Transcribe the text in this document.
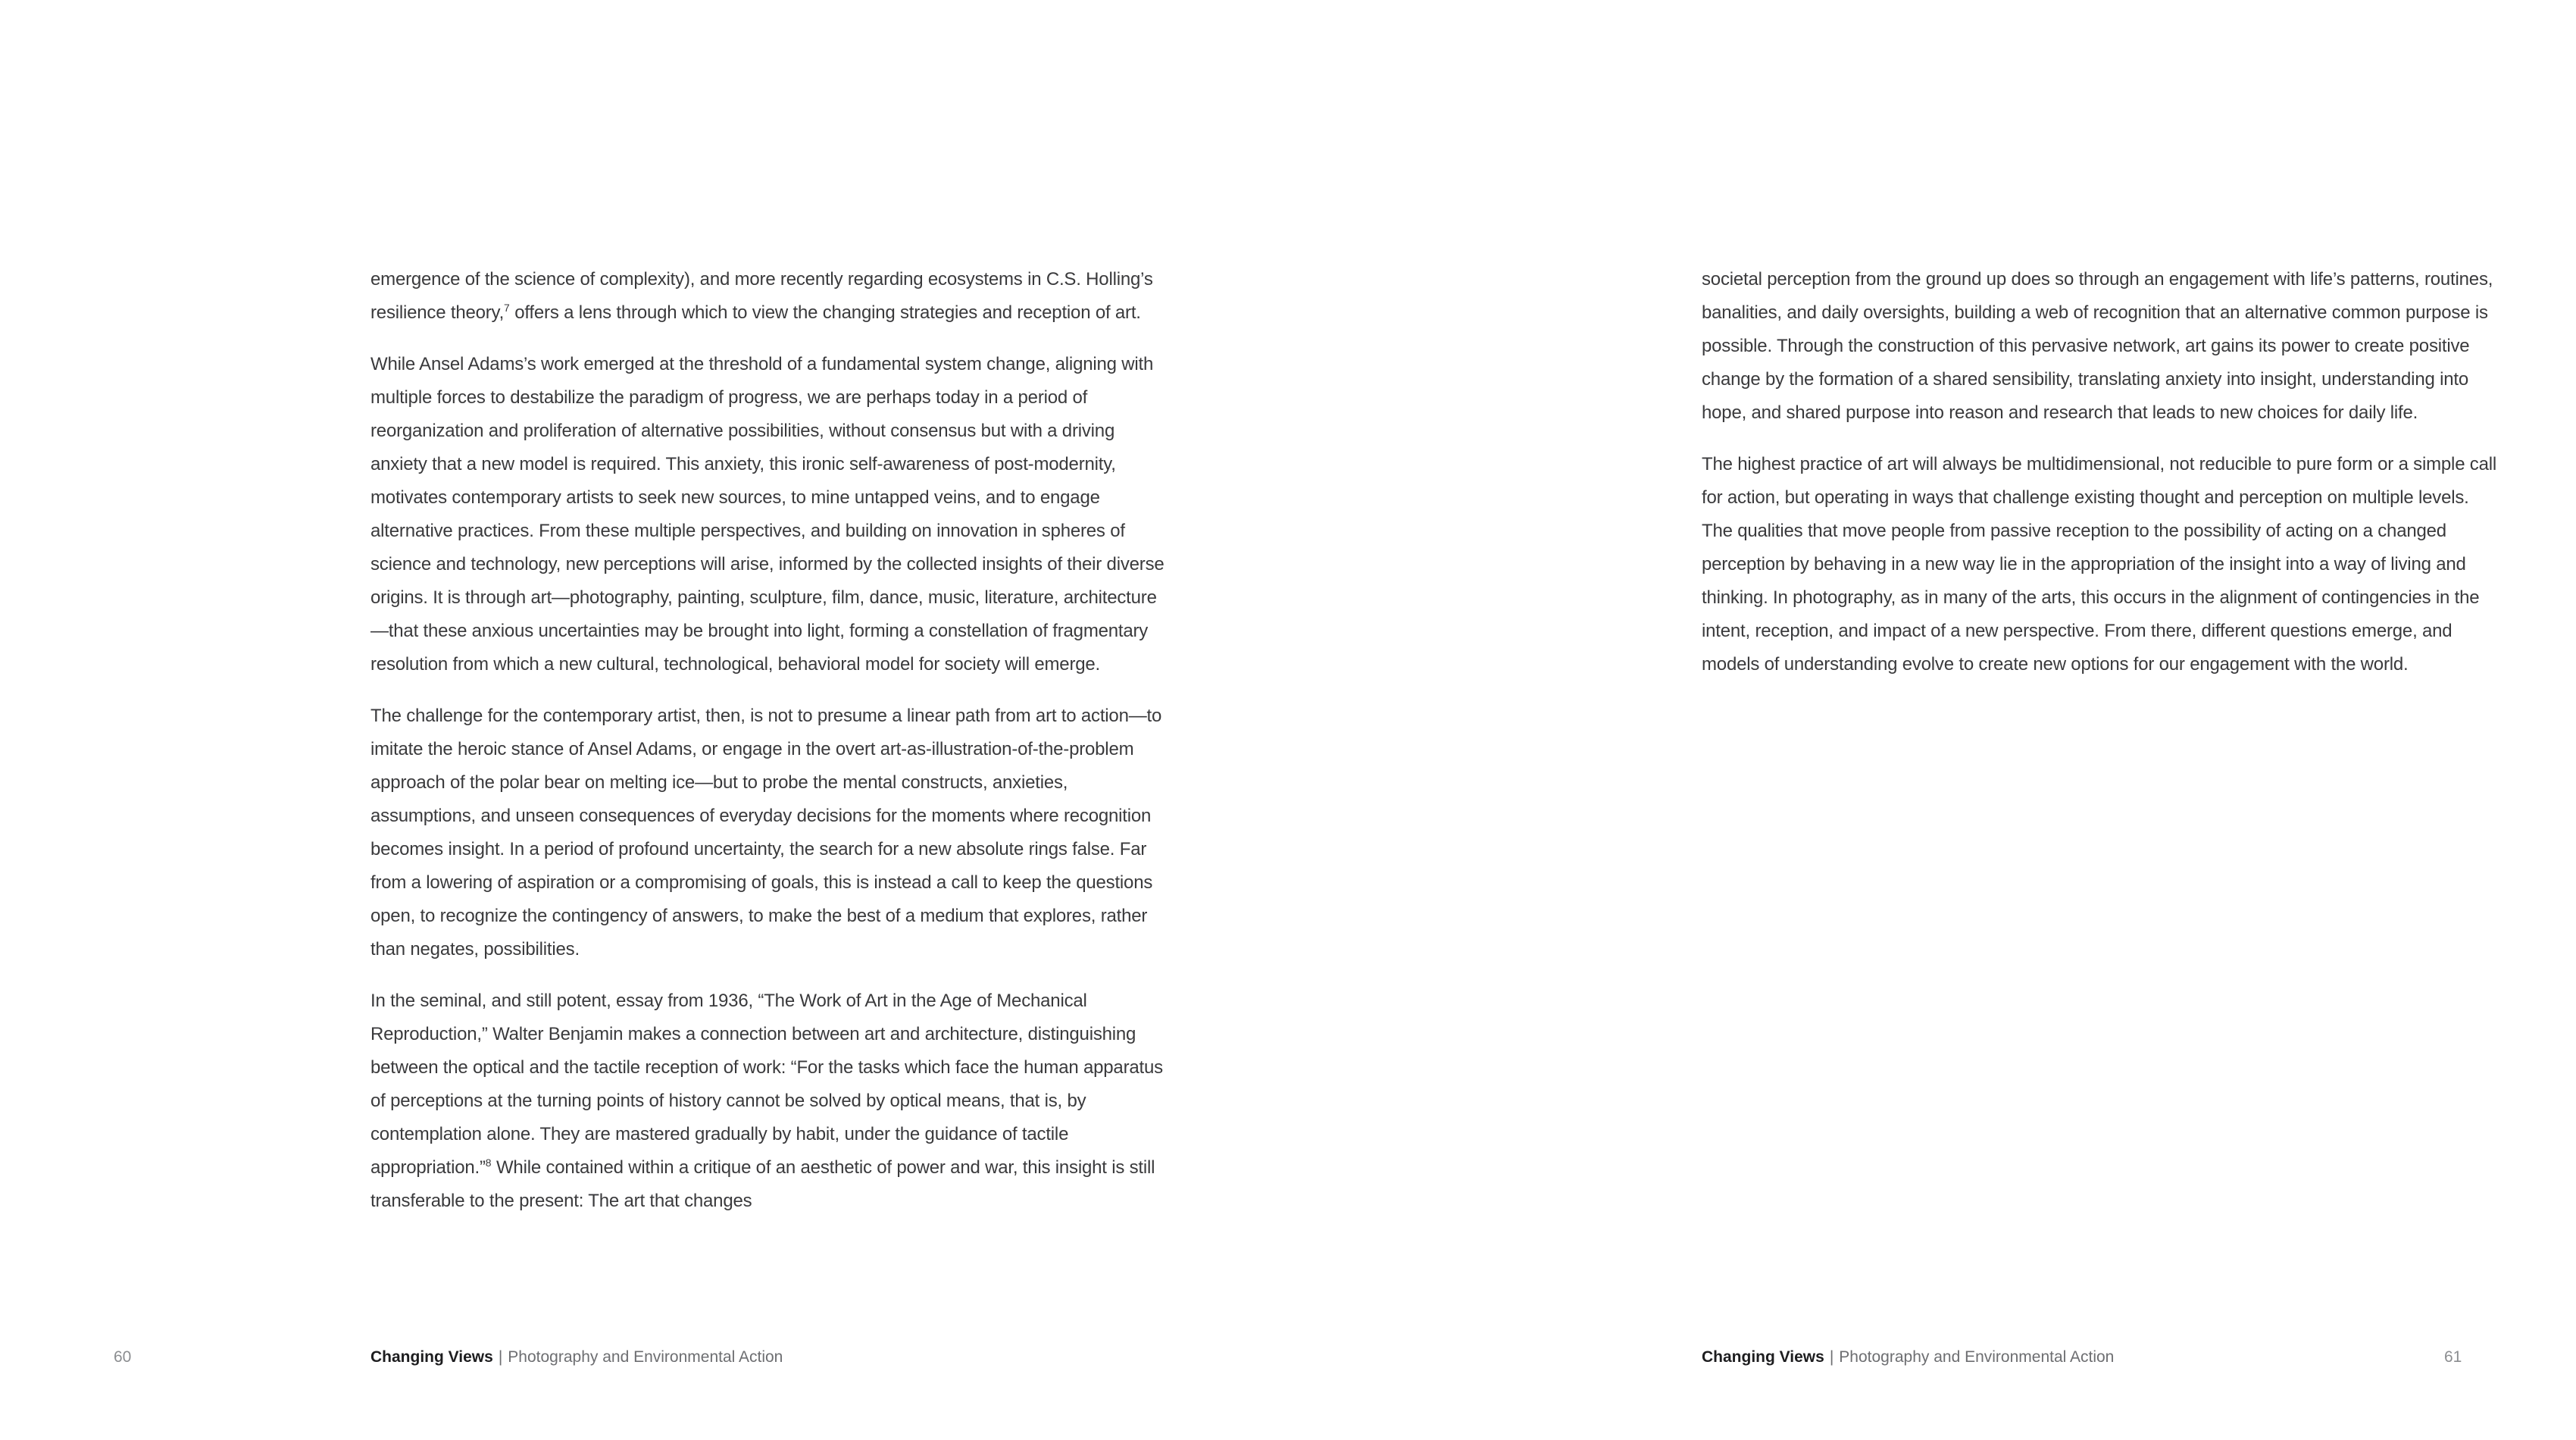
emergence of the science of complexity), and more recently regarding ecosystems in C.S. Holling’s resilience theory,$^7$ offers a lens through which to view the changing strategies and reception of art.

While Ansel Adams’s work emerged at the threshold of a fundamental system change, aligning with multiple forces to destabilize the paradigm of progress, we are perhaps today in a period of reorganization and proliferation of alternative possibilities, without consensus but with a driving anxiety that a new model is required. This anxiety, this ironic self-awareness of post-modernity, motivates contemporary artists to seek new sources, to mine untapped veins, and to engage alternative practices. From these multiple perspectives, and building on innovation in spheres of science and technology, new perceptions will arise, informed by the collected insights of their diverse origins. It is through art—photography, painting, sculpture, film, dance, music, literature, architecture—that these anxious uncertainties may be brought into light, forming a constellation of fragmentary resolution from which a new cultural, technological, behavioral model for society will emerge.

The challenge for the contemporary artist, then, is not to presume a linear path from art to action—to imitate the heroic stance of Ansel Adams, or engage in the overt art-as-illustration-of-the-problem approach of the polar bear on melting ice—but to probe the mental constructs, anxieties, assumptions, and unseen consequences of everyday decisions for the moments where recognition becomes insight. In a period of profound uncertainty, the search for a new absolute rings false. Far from a lowering of aspiration or a compromising of goals, this is instead a call to keep the questions open, to recognize the contingency of answers, to make the best of a medium that explores, rather than negates, possibilities.

In the seminal, and still potent, essay from 1936, “The Work of Art in the Age of Mechanical Reproduction,” Walter Benjamin makes a connection between art and architecture, distinguishing between the optical and the tactile reception of work: “For the tasks which face the human apparatus of perceptions at the turning points of history cannot be solved by optical means, that is, by contemplation alone. They are mastered gradually by habit, under the guidance of tactile appropriation.”$^8$ While contained within a critique of an aesthetic of power and war, this insight is still transferable to the present: The art that changes

60	Changing Views | Photography and Environmental Action

societal perception from the ground up does so through an engagement with life’s patterns, routines, banalities, and daily oversights, building a web of recognition that an alternative common purpose is possible. Through the construction of this pervasive network, art gains its power to create positive change by the formation of a shared sensibility, translating anxiety into insight, understanding into hope, and shared purpose into reason and research that leads to new choices for daily life.

The highest practice of art will always be multidimensional, not reducible to pure form or a simple call for action, but operating in ways that challenge existing thought and perception on multiple levels. The qualities that move people from passive reception to the possibility of acting on a changed perception by behaving in a new way lie in the appropriation of the insight into a way of living and thinking. In photography, as in many of the arts, this occurs in the alignment of contingencies in the intent, reception, and impact of a new perspective. From there, different questions emerge, and models of understanding evolve to create new options for our engagement with the world.

Changing Views | Photography and Environmental Action	61
